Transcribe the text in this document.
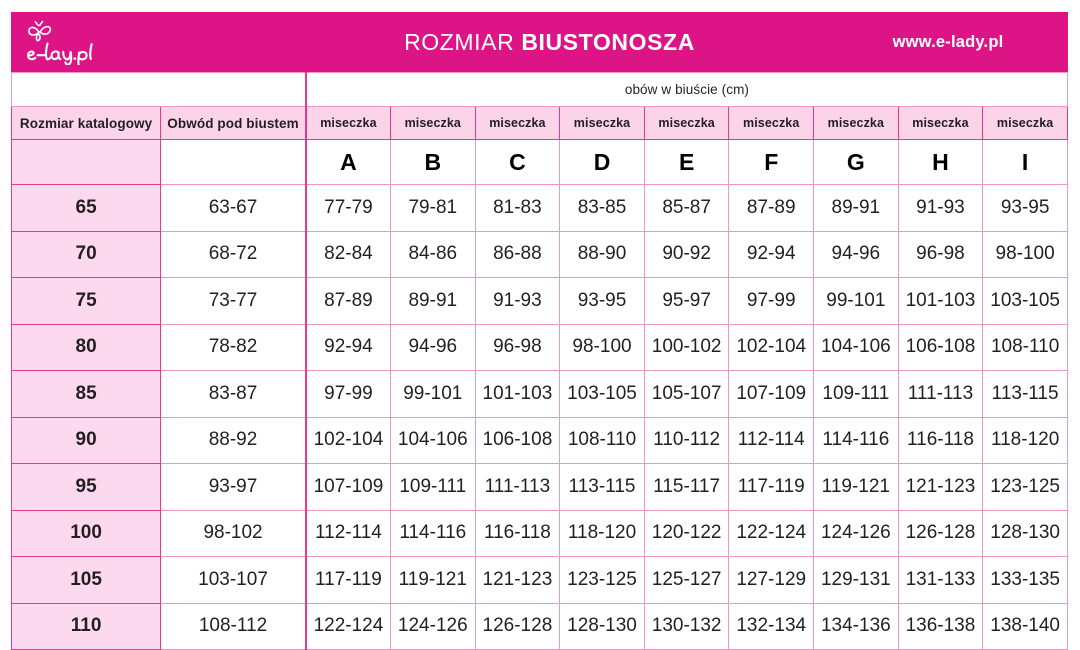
ROZMIAR BIUSTONOSZA	www.e-lady.pl
		obów w biuście (cm)								
Rozmiar katalogowy	Obwód pod biustem	miseczka	miseczka	miseczka	miseczka	miseczka	miseczka	miseczka	miseczka	miseczka
		A	B	C	D	E	F	G	H	I
65	63-67	77-79	79-81	81-83	83-85	85-87	87-89	89-91	91-93	93-95
70	68-72	82-84	84-86	86-88	88-90	90-92	92-94	94-96	96-98	98-100
75	73-77	87-89	89-91	91-93	93-95	95-97	97-99	99-101	101-103	103-105
80	78-82	92-94	94-96	96-98	98-100	100-102	102-104	104-106	106-108	108-110
85	83-87	97-99	99-101	101-103	103-105	105-107	107-109	109-111	111-113	113-115
90	88-92	102-104	104-106	106-108	108-110	110-112	112-114	114-116	116-118	118-120
95	93-97	107-109	109-111	111-113	113-115	115-117	117-119	119-121	121-123	123-125
100	98-102	112-114	114-116	116-118	118-120	120-122	122-124	124-126	126-128	128-130
105	103-107	117-119	119-121	121-123	123-125	125-127	127-129	129-131	131-133	133-135
110	108-112	122-124	124-126	126-128	128-130	130-132	132-134	134-136	136-138	138-140
